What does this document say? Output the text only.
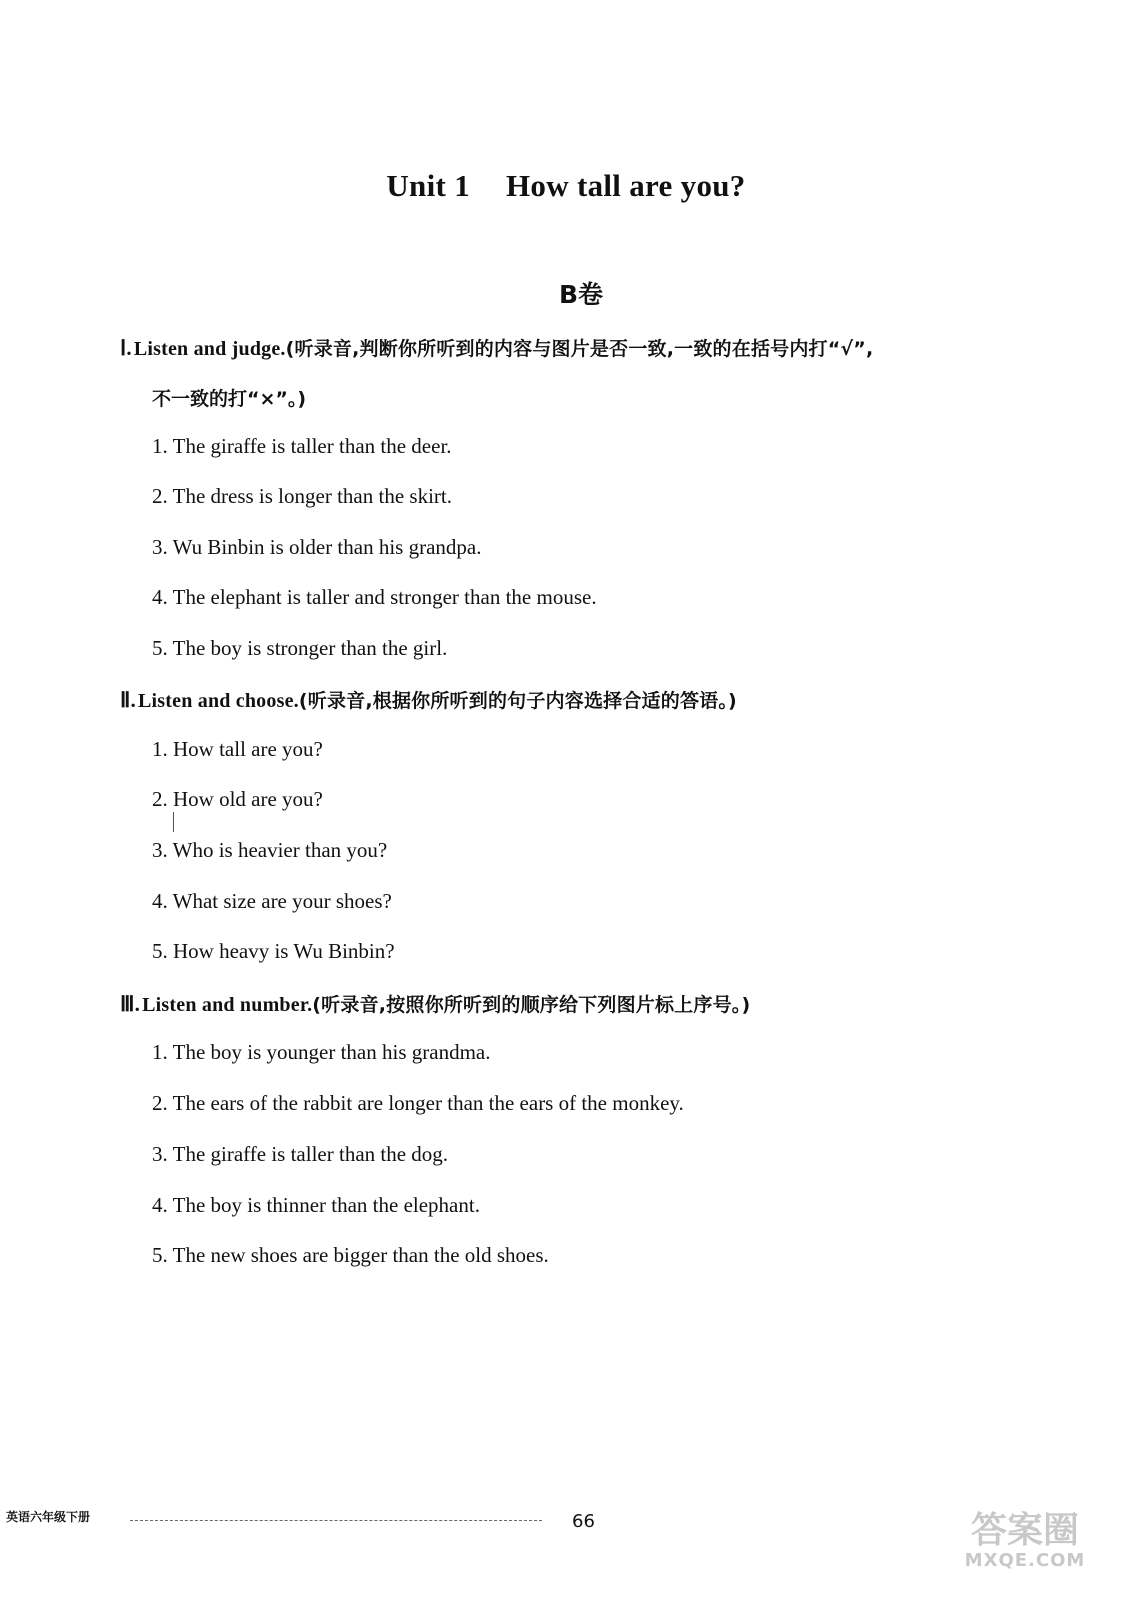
Unit 1 How tall are you?
B卷
Ⅰ. Listen and judge.(听录音,判断你所听到的内容与图片是否一致,一致的在括号内打“√”,
不一致的打“×”。)
1. The giraffe is taller than the deer.
2. The dress is longer than the skirt.
3. Wu Binbin is older than his grandpa.
4. The elephant is taller and stronger than the mouse.
5. The boy is stronger than the girl.
Ⅱ. Listen and choose.(听录音,根据你所听到的句子内容选择合适的答语。)
1. How tall are you?
2. How old are you?
3. Who is heavier than you?
4. What size are your shoes?
5. How heavy is Wu Binbin?
Ⅲ. Listen and number.(听录音,按照你所听到的顺序给下列图片标上序号。)
1. The boy is younger than his grandma.
2. The ears of the rabbit are longer than the ears of the monkey.
3. The giraffe is taller than the dog.
4. The boy is thinner than the elephant.
5. The new shoes are bigger than the old shoes.
英语六年级下册	66	答案圈
MXQE.COM
